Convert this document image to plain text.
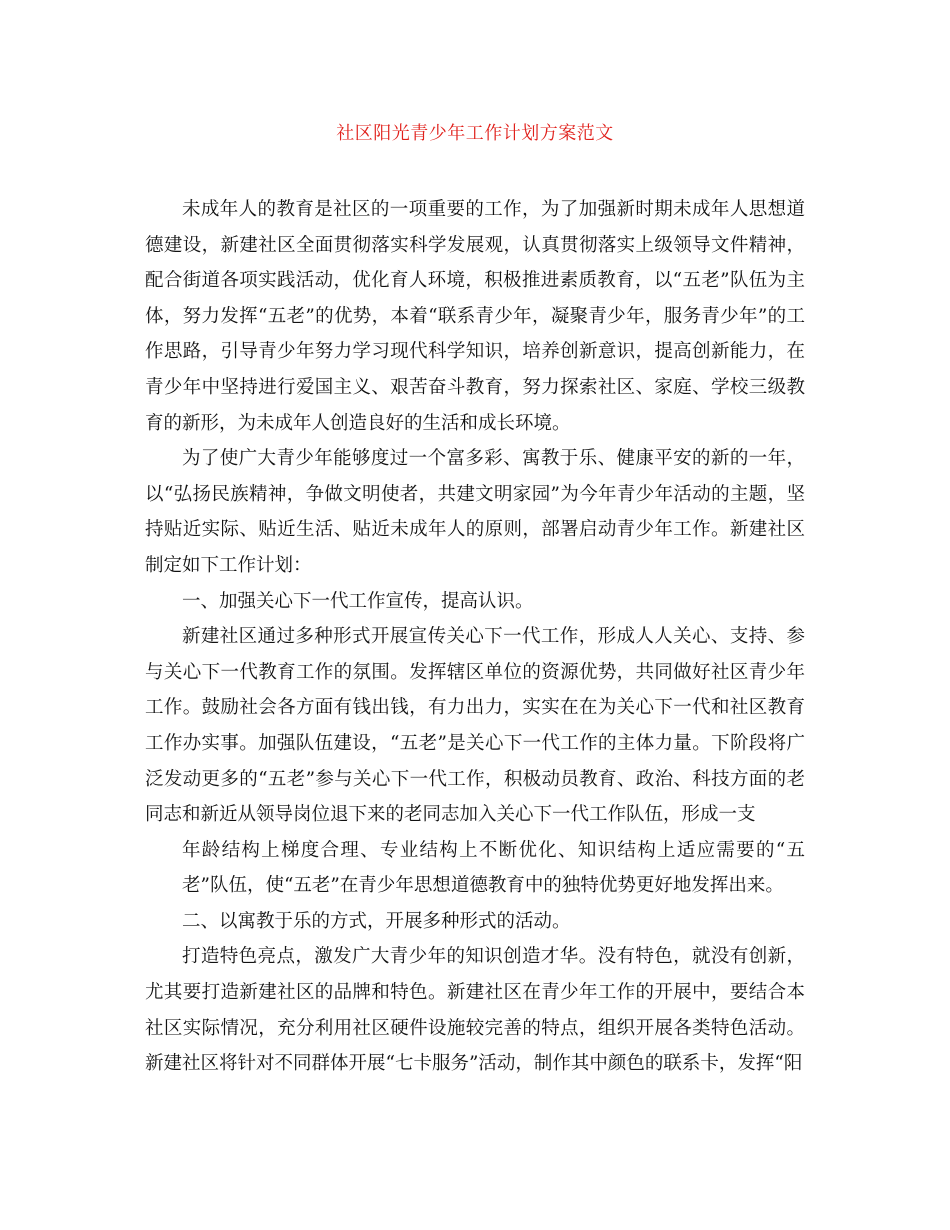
社区阳光青少年工作计划方案范文

未成年人的教育是社区的一项重要的工作，为了加强新时期未成年人思想道德建设，新建社区全面贯彻落实科学发展观，认真贯彻落实上级领导文件精神，配合街道各项实践活动，优化育人环境，积极推进素质教育，以“五老”队伍为主体，努力发挥“五老”的优势，本着“联系青少年，凝聚青少年，服务青少年”的工作思路，引导青少年努力学习现代科学知识，培养创新意识，提高创新能力，在青少年中坚持进行爱国主义、艰苦奋斗教育，努力探索社区、家庭、学校三级教育的新形，为未成年人创造良好的生活和成长环境。

为了使广大青少年能够度过一个富多彩、寓教于乐、健康平安的新的一年，以“弘扬民族精神，争做文明使者，共建文明家园”为今年青少年活动的主题，坚持贴近实际、贴近生活、贴近未成年人的原则，部署启动青少年工作。新建社区制定如下工作计划：

一、加强关心下一代工作宣传，提高认识。

新建社区通过多种形式开展宣传关心下一代工作，形成人人关心、支持、参与关心下一代教育工作的氛围。发挥辖区单位的资源优势，共同做好社区青少年工作。鼓励社会各方面有钱出钱，有力出力，实实在在为关心下一代和社区教育工作办实事。加强队伍建设，“五老”是关心下一代工作的主体力量。下阶段将广泛发动更多的“五老”参与关心下一代工作，积极动员教育、政治、科技方面的老同志和新近从领导岗位退下来的老同志加入关心下一代工作队伍，形成一支

年龄结构上梯度合理、专业结构上不断优化、知识结构上适应需要的“五老”队伍，使“五老”在青少年思想道德教育中的独特优势更好地发挥出来。

二、以寓教于乐的方式，开展多种形式的活动。

打造特色亮点，激发广大青少年的知识创造才华。没有特色，就没有创新，尤其要打造新建社区的品牌和特色。新建社区在青少年工作的开展中，要结合本社区实际情况，充分利用社区硬件设施较完善的特点，组织开展各类特色活动。新建社区将针对不同群体开展“七卡服务”活动，制作其中颜色的联系卡，发挥“阳
